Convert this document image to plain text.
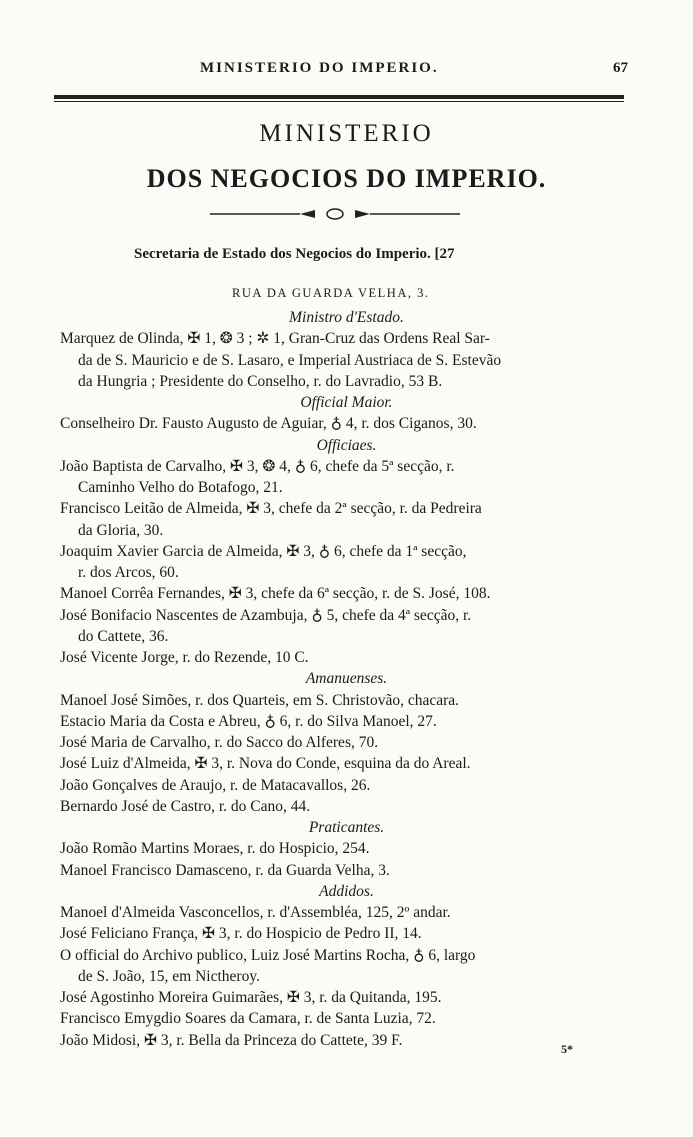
MINISTERIO DO IMPERIO.	67
MINISTERIO
DOS NEGOCIOS DO IMPERIO.
Secretaria de Estado dos Negocios do Imperio. [27
RUA DA GUARDA VELHA, 3.
Ministro d'Estado.
Marquez de Olinda, ✠ 1, ❂ 3 ; ✲ 1, Gran-Cruz das Ordens Real Sar-
da de S. Mauricio e de S. Lasaro, e Imperial Austriaca de S. Estevão
da Hungria ; Presidente do Conselho, r. do Lavradio, 53 B.
Official Maior.
Conselheiro Dr. Fausto Augusto de Aguiar, ♁ 4, r. dos Ciganos, 30.
Officiaes.
João Baptista de Carvalho, ✠ 3, ❂ 4, ♁ 6, chefe da 5ª secção, r.
Caminho Velho do Botafogo, 21.
Francisco Leitão de Almeida, ✠ 3, chefe da 2ª secção, r. da Pedreira
da Gloria, 30.
Joaquim Xavier Garcia de Almeida, ✠ 3, ♁ 6, chefe da 1ª secção,
r. dos Arcos, 60.
Manoel Corrêa Fernandes, ✠ 3, chefe da 6ª secção, r. de S. José, 108.
José Bonifacio Nascentes de Azambuja, ♁ 5, chefe da 4ª secção, r.
do Cattete, 36.
José Vicente Jorge, r. do Rezende, 10 C.
Amanuenses.
Manoel José Simões, r. dos Quarteis, em S. Christovão, chacara.
Estacio Maria da Costa e Abreu, ♁ 6, r. do Silva Manoel, 27.
José Maria de Carvalho, r. do Sacco do Alferes, 70.
José Luiz d'Almeida, ✠ 3, r. Nova do Conde, esquina da do Areal.
João Gonçalves de Araujo, r. de Matacavallos, 26.
Bernardo José de Castro, r. do Cano, 44.
Praticantes.
João Romão Martins Moraes, r. do Hospicio, 254.
Manoel Francisco Damasceno, r. da Guarda Velha, 3.
Addidos.
Manoel d'Almeida Vasconcellos, r. d'Assembléa, 125, 2º andar.
José Feliciano França, ✠ 3, r. do Hospicio de Pedro II, 14.
O official do Archivo publico, Luiz José Martins Rocha, ♁ 6, largo
de S. João, 15, em Nictheroy.
José Agostinho Moreira Guimarães, ✠ 3, r. da Quitanda, 195.
Francisco Emygdio Soares da Camara, r. de Santa Luzia, 72.
João Midosi, ✠ 3, r. Bella da Princeza do Cattete, 39 F.
5*
